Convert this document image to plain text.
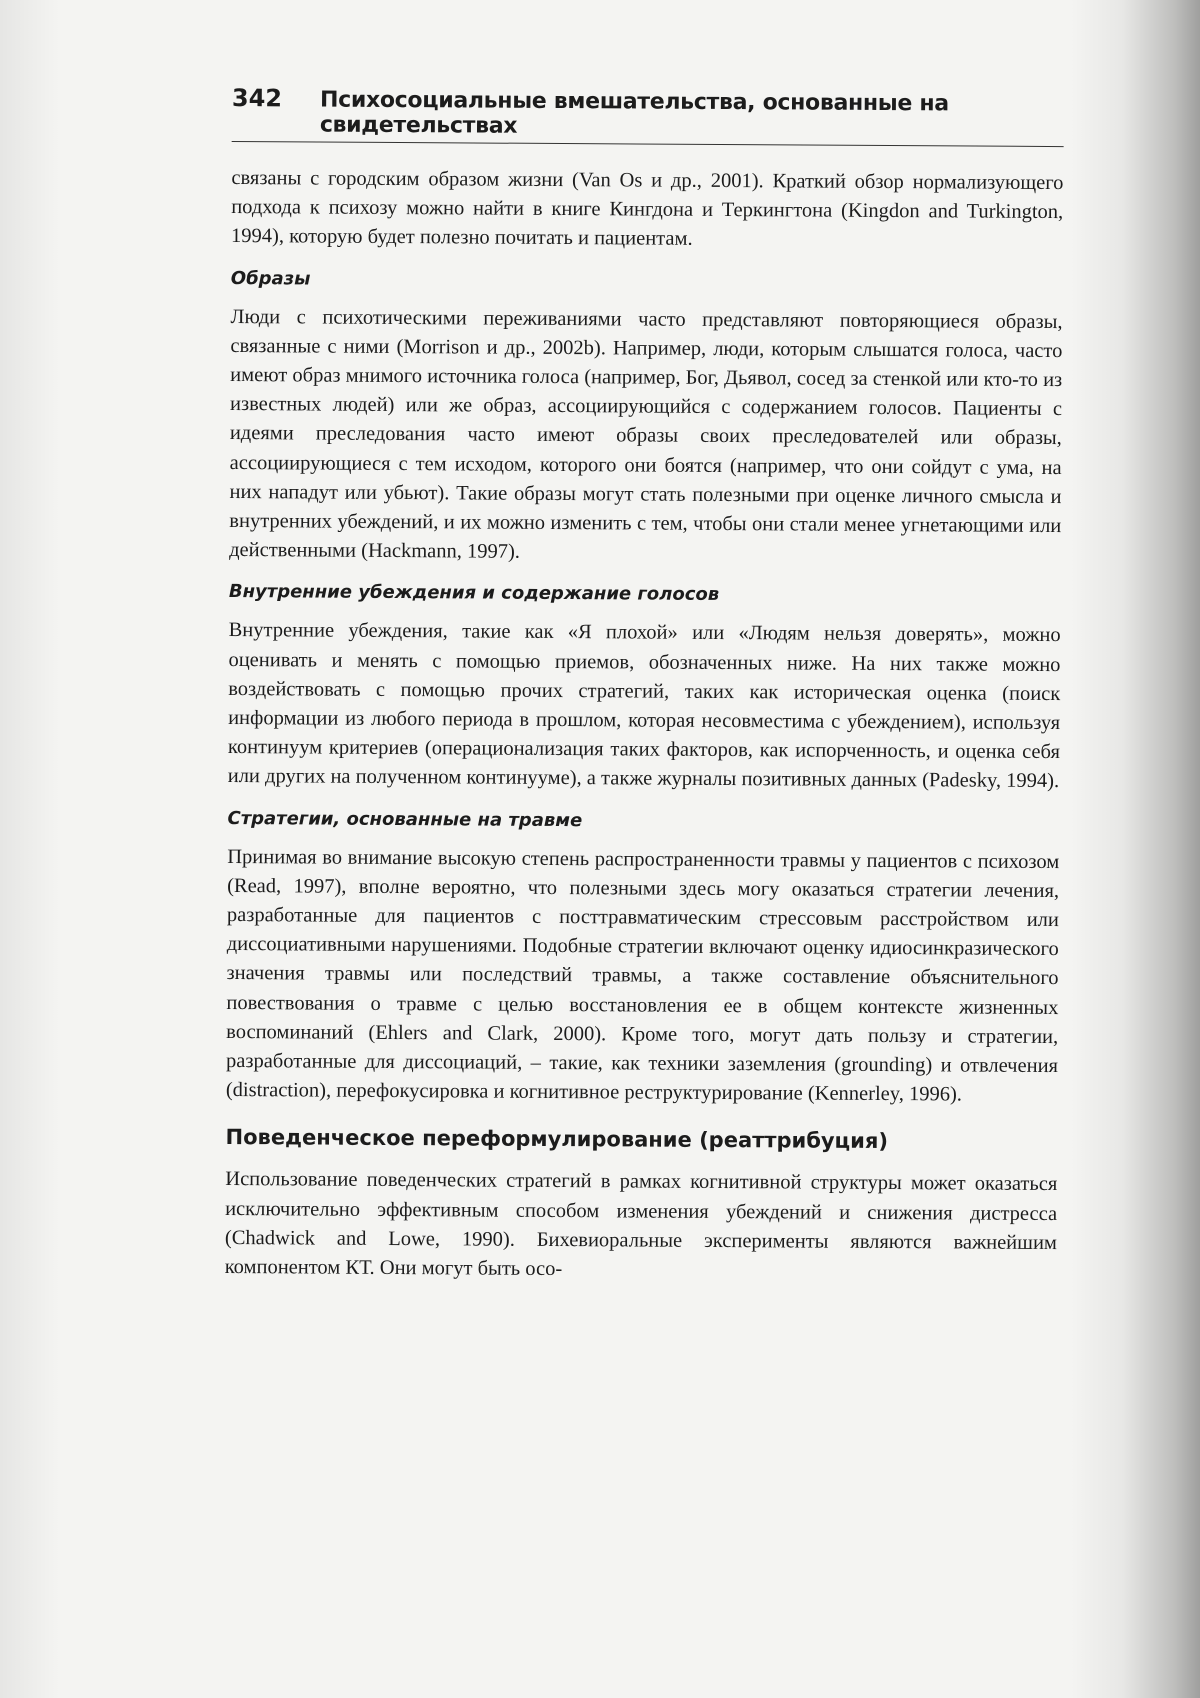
342 Психосоциальные вмешательства, основанные на свидетельствах

связаны с городским образом жизни (Van Os и др., 2001). Краткий обзор нормализующего подхода к психозу можно найти в книге Кингдона и Теркингтона (Kingdon and Turkington, 1994), которую будет полезно почитать и пациентам.

Образы

Люди с психотическими переживаниями часто представляют повторяющиеся образы, связанные с ними (Morrison и др., 2002b). Например, люди, которым слышатся голоса, часто имеют образ мнимого источника голоса (например, Бог, Дьявол, сосед за стенкой или кто-то из известных людей) или же образ, ассоциирующийся с содержанием голосов. Пациенты с идеями преследования часто имеют образы своих преследователей или образы, ассоциирующиеся с тем исходом, которого они боятся (например, что они сойдут с ума, на них нападут или убьют). Такие образы могут стать полезными при оценке личного смысла и внутренних убеждений, и их можно изменить с тем, чтобы они стали менее угнетающими или действенными (Hackmann, 1997).

Внутренние убеждения и содержание голосов

Внутренние убеждения, такие как «Я плохой» или «Людям нельзя доверять», можно оценивать и менять с помощью приемов, обозначенных ниже. На них также можно воздействовать с помощью прочих стратегий, таких как историческая оценка (поиск информации из любого периода в прошлом, которая несовместима с убеждением), используя континуум критериев (операционализация таких факторов, как испорченность, и оценка себя или других на полученном континууме), а также журналы позитивных данных (Padesky, 1994).

Стратегии, основанные на травме

Принимая во внимание высокую степень распространенности травмы у пациентов с психозом (Read, 1997), вполне вероятно, что полезными здесь могу оказаться стратегии лечения, разработанные для пациентов с посттравматическим стрессовым расстройством или диссоциативными нарушениями. Подобные стратегии включают оценку идиосинкразического значения травмы или последствий травмы, а также составление объяснительного повествования о травме с целью восстановления ее в общем контексте жизненных воспоминаний (Ehlers and Clark, 2000). Кроме того, могут дать пользу и стратегии, разработанные для диссоциаций, – такие, как техники заземления (grounding) и отвлечения (distraction), перефокусировка и когнитивное реструктурирование (Kennerley, 1996).

Поведенческое переформулирование (реаттрибуция)

Использование поведенческих стратегий в рамках когнитивной структуры может оказаться исключительно эффективным способом изменения убеждений и снижения дистресса (Chadwick and Lowe, 1990). Бихевиоральные эксперименты являются важнейшим компонентом КТ. Они могут быть осо-
